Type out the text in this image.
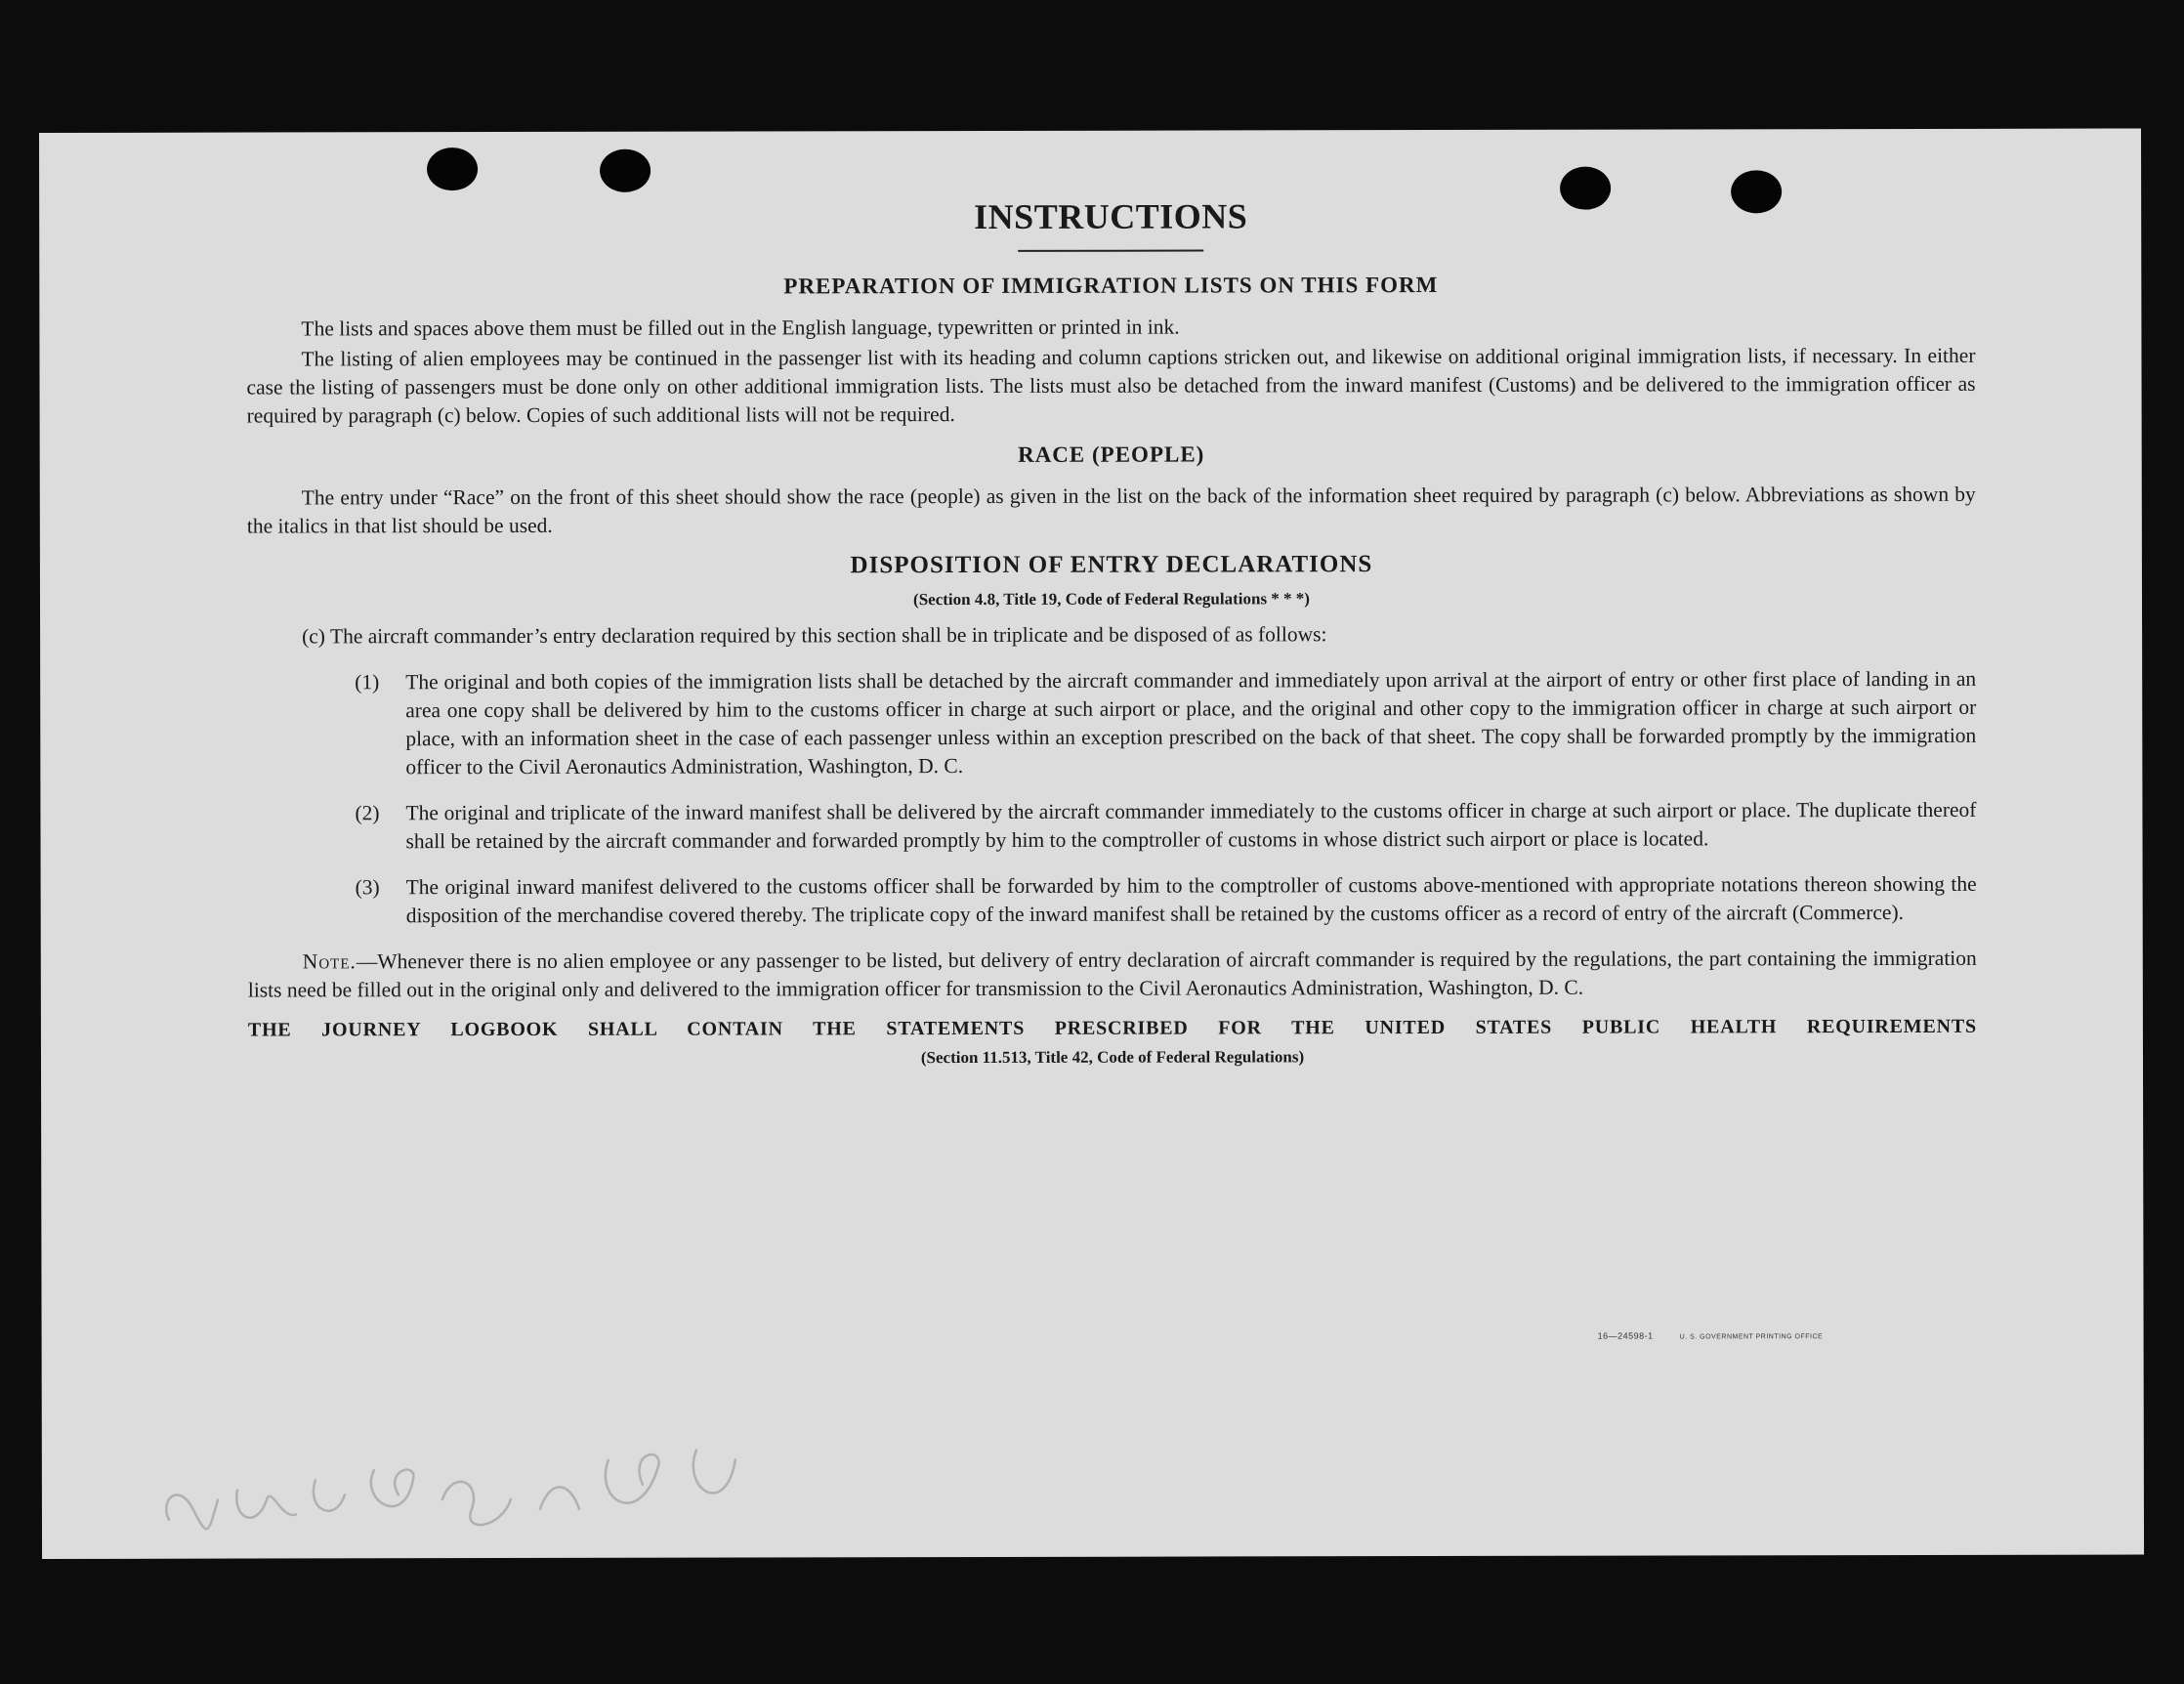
INSTRUCTIONS
PREPARATION OF IMMIGRATION LISTS ON THIS FORM

The lists and spaces above them must be filled out in the English language, typewritten or printed in ink.

The listing of alien employees may be continued in the passenger list with its heading and column captions stricken out, and likewise on additional original immigration lists, if necessary. In either case the listing of passengers must be done only on other additional immigration lists. The lists must also be detached from the inward manifest (Customs) and be delivered to the immigration officer as required by paragraph (c) below. Copies of such additional lists will not be required.

RACE (PEOPLE)

The entry under “Race” on the front of this sheet should show the race (people) as given in the list on the back of the information sheet required by paragraph (c) below. Abbreviations as shown by the italics in that list should be used.

DISPOSITION OF ENTRY DECLARATIONS
(Section 4.8, Title 19, Code of Federal Regulations * * *)

(c) The aircraft commander’s entry declaration required by this section shall be in triplicate and be disposed of as follows:

(1)	The original and both copies of the immigration lists shall be detached by the aircraft commander and immediately upon arrival at the airport of entry or other first place of landing in an area one copy shall be delivered by him to the customs officer in charge at such airport or place, and the original and other copy to the immigration officer in charge at such airport or place, with an information sheet in the case of each passenger unless within an exception prescribed on the back of that sheet. The copy shall be forwarded promptly by the immigration officer to the Civil Aeronautics Administration, Washington, D. C.
(2)	The original and triplicate of the inward manifest shall be delivered by the aircraft commander immediately to the customs officer in charge at such airport or place. The duplicate thereof shall be retained by the aircraft commander and forwarded promptly by him to the comptroller of customs in whose district such airport or place is located.
(3)	The original inward manifest delivered to the customs officer shall be forwarded by him to the comptroller of customs above-mentioned with appropriate notations thereon showing the disposition of the merchandise covered thereby. The triplicate copy of the inward manifest shall be retained by the customs officer as a record of entry of the aircraft (Commerce).

Note.—Whenever there is no alien employee or any passenger to be listed, but delivery of entry declaration of aircraft commander is required by the regulations, the part containing the immigration lists need be filled out in the original only and delivered to the immigration officer for transmission to the Civil Aeronautics Administration, Washington, D. C.

THE JOURNEY LOGBOOK SHALL CONTAIN THE STATEMENTS PRESCRIBED FOR THE UNITED STATES PUBLIC HEALTH REQUIREMENTS
(Section 11.513, Title 42, Code of Federal Regulations)
16—24598-1	U. S. GOVERNMENT PRINTING OFFICE
